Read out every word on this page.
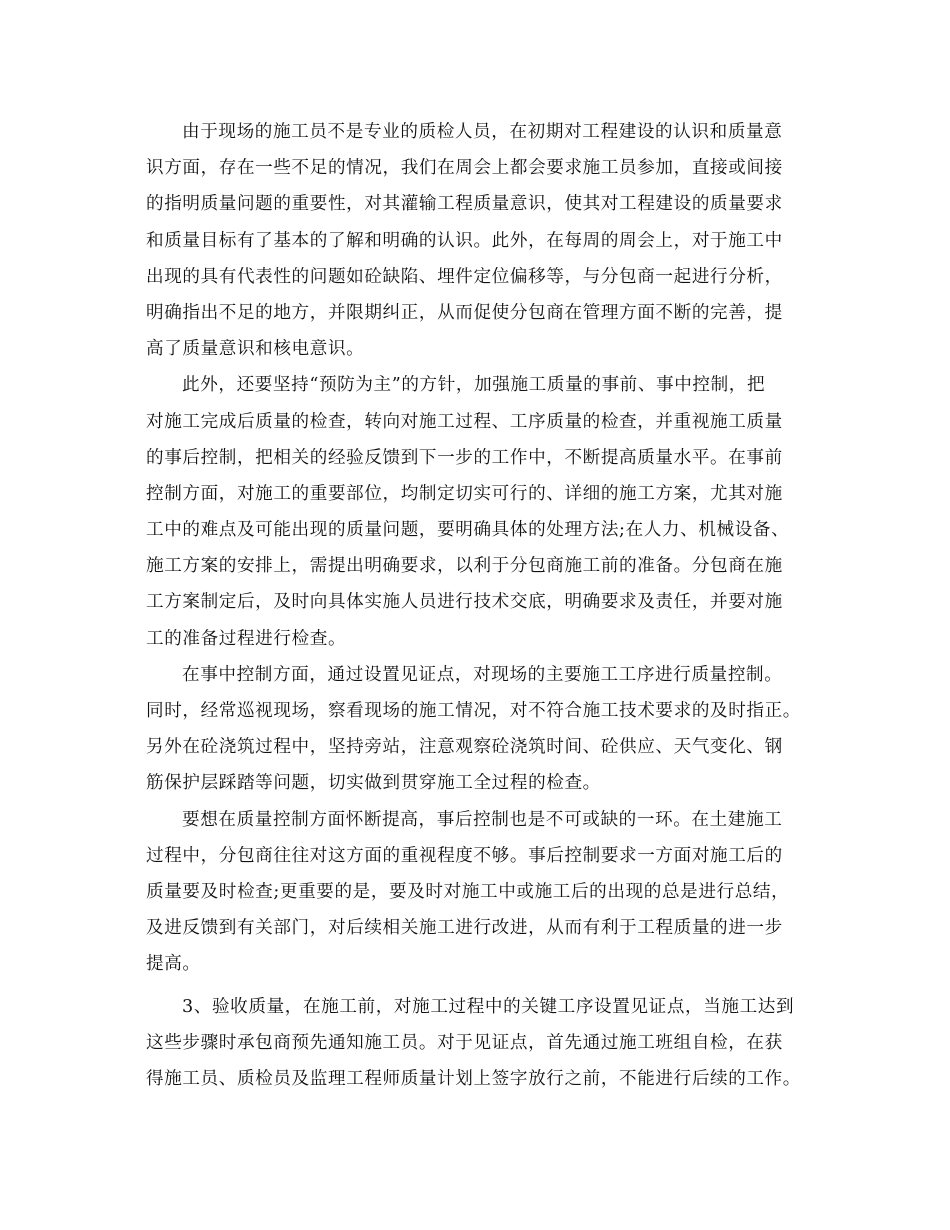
由于现场的施工员不是专业的质检人员，在初期对工程建设的认识和质量意
识方面，存在一些不足的情况，我们在周会上都会要求施工员参加，直接或间接
的指明质量问题的重要性，对其灌输工程质量意识，使其对工程建设的质量要求
和质量目标有了基本的了解和明确的认识。此外，在每周的周会上，对于施工中
出现的具有代表性的问题如砼缺陷、埋件定位偏移等，与分包商一起进行分析，
明确指出不足的地方，并限期纠正，从而促使分包商在管理方面不断的完善，提
高了质量意识和核电意识。
此外，还要坚持“预防为主”的方针，加强施工质量的事前、事中控制，把
对施工完成后质量的检查，转向对施工过程、工序质量的检查，并重视施工质量
的事后控制，把相关的经验反馈到下一步的工作中，不断提高质量水平。在事前
控制方面，对施工的重要部位，均制定切实可行的、详细的施工方案，尤其对施
工中的难点及可能出现的质量问题，要明确具体的处理方法;在人力、机械设备、
施工方案的安排上，需提出明确要求，以利于分包商施工前的准备。分包商在施
工方案制定后，及时向具体实施人员进行技术交底，明确要求及责任，并要对施
工的准备过程进行检查。
在事中控制方面，通过设置见证点，对现场的主要施工工序进行质量控制。
同时，经常巡视现场，察看现场的施工情况，对不符合施工技术要求的及时指正。
另外在砼浇筑过程中，坚持旁站，注意观察砼浇筑时间、砼供应、天气变化、钢
筋保护层踩踏等问题，切实做到贯穿施工全过程的检查。
要想在质量控制方面怀断提高，事后控制也是不可或缺的一环。在土建施工
过程中，分包商往往对这方面的重视程度不够。事后控制要求一方面对施工后的
质量要及时检查;更重要的是，要及时对施工中或施工后的出现的总是进行总结，
及进反馈到有关部门，对后续相关施工进行改进，从而有利于工程质量的进一步
提高。
3、验收质量，在施工前，对施工过程中的关键工序设置见证点，当施工达到
这些步骤时承包商预先通知施工员。对于见证点，首先通过施工班组自检，在获
得施工员、质检员及监理工程师质量计划上签字放行之前，不能进行后续的工作。
